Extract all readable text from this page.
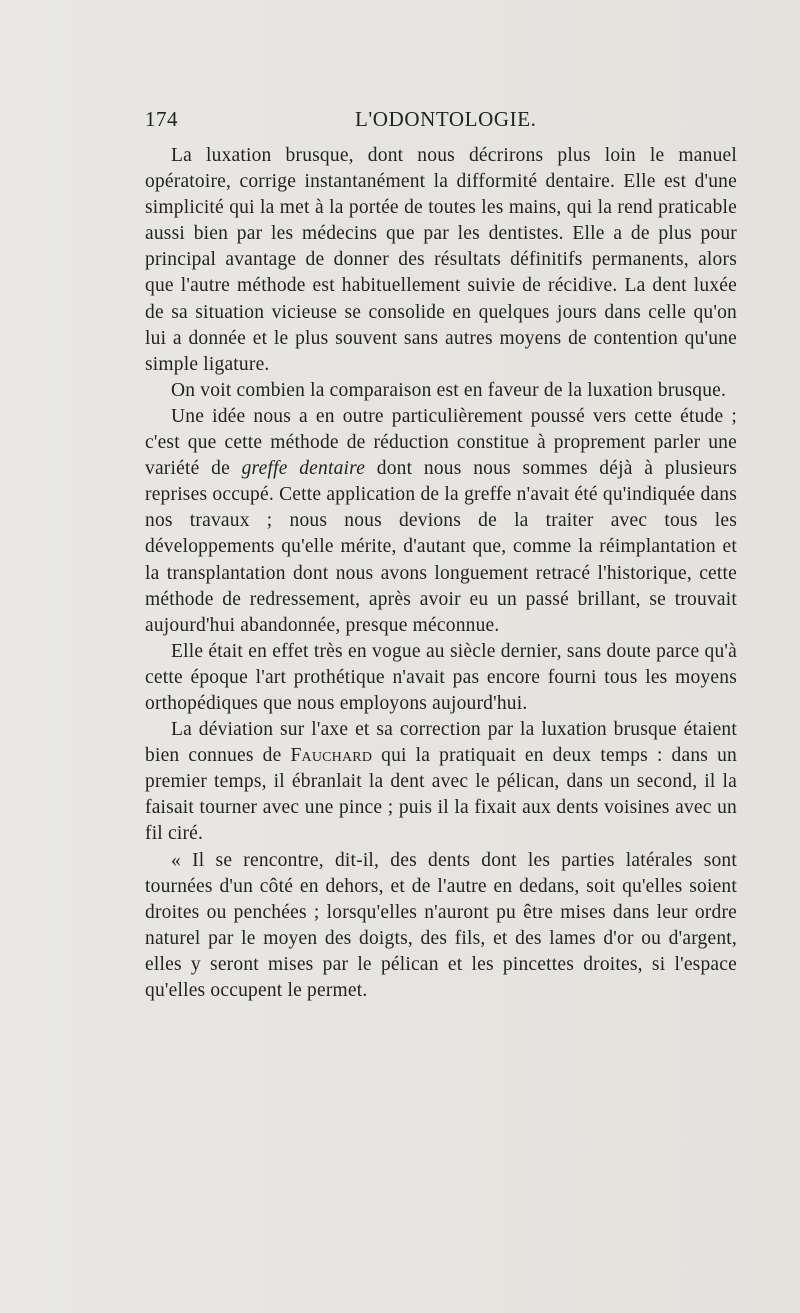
174	L'ODONTOLOGIE.

La luxation brusque, dont nous décrirons plus loin le manuel opératoire, corrige instantanément la difformité dentaire. Elle est d'une simplicité qui la met à la portée de toutes les mains, qui la rend praticable aussi bien par les médecins que par les dentistes. Elle a de plus pour principal avantage de donner des résultats définitifs permanents, alors que l'autre méthode est habituellement suivie de récidive. La dent luxée de sa situation vicieuse se consolide en quelques jours dans celle qu'on lui a donnée et le plus souvent sans autres moyens de contention qu'une simple ligature.

On voit combien la comparaison est en faveur de la luxation brusque.

Une idée nous a en outre particulièrement poussé vers cette étude ; c'est que cette méthode de réduction constitue à proprement parler une variété de greffe dentaire dont nous nous sommes déjà à plusieurs reprises occupé. Cette application de la greffe n'avait été qu'indiquée dans nos travaux ; nous nous devions de la traiter avec tous les développements qu'elle mérite, d'autant que, comme la réimplantation et la transplantation dont nous avons longuement retracé l'historique, cette méthode de redressement, après avoir eu un passé brillant, se trouvait aujourd'hui abandonnée, presque méconnue.

Elle était en effet très en vogue au siècle dernier, sans doute parce qu'à cette époque l'art prothétique n'avait pas encore fourni tous les moyens orthopédiques que nous employons aujourd'hui.

La déviation sur l'axe et sa correction par la luxation brusque étaient bien connues de Fauchard qui la pratiquait en deux temps : dans un premier temps, il ébranlait la dent avec le pélican, dans un second, il la faisait tourner avec une pince ; puis il la fixait aux dents voisines avec un fil ciré.

« Il se rencontre, dit-il, des dents dont les parties latérales sont tournées d'un côté en dehors, et de l'autre en dedans, soit qu'elles soient droites ou penchées ; lorsqu'elles n'auront pu être mises dans leur ordre naturel par le moyen des doigts, des fils, et des lames d'or ou d'argent, elles y seront mises par le pélican et les pincettes droites, si l'espace qu'elles occupent le permet.
